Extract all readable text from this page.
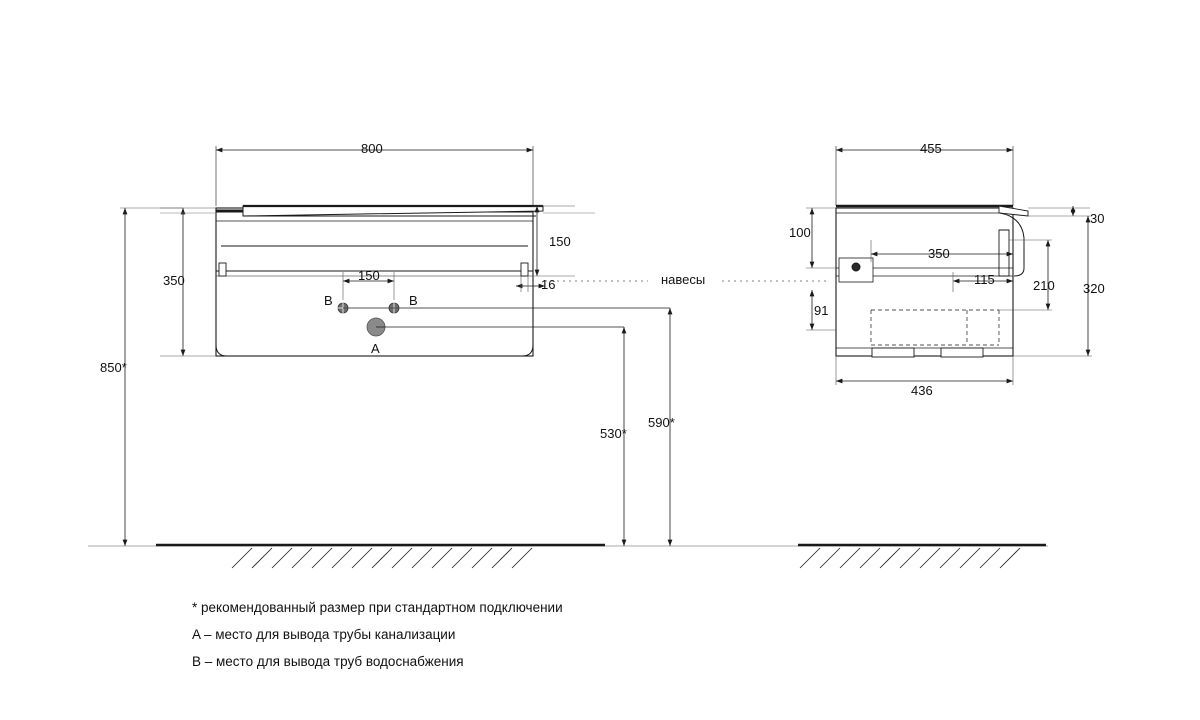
800
350
150
16
150
B	B
A
850*
530*
590*
навесы
455
436
30
100
91
350
115	210 320
* рекомендованный размер при стандартном подключении
A – место для вывода трубы канализации
B – место для вывода труб водоснабжения
